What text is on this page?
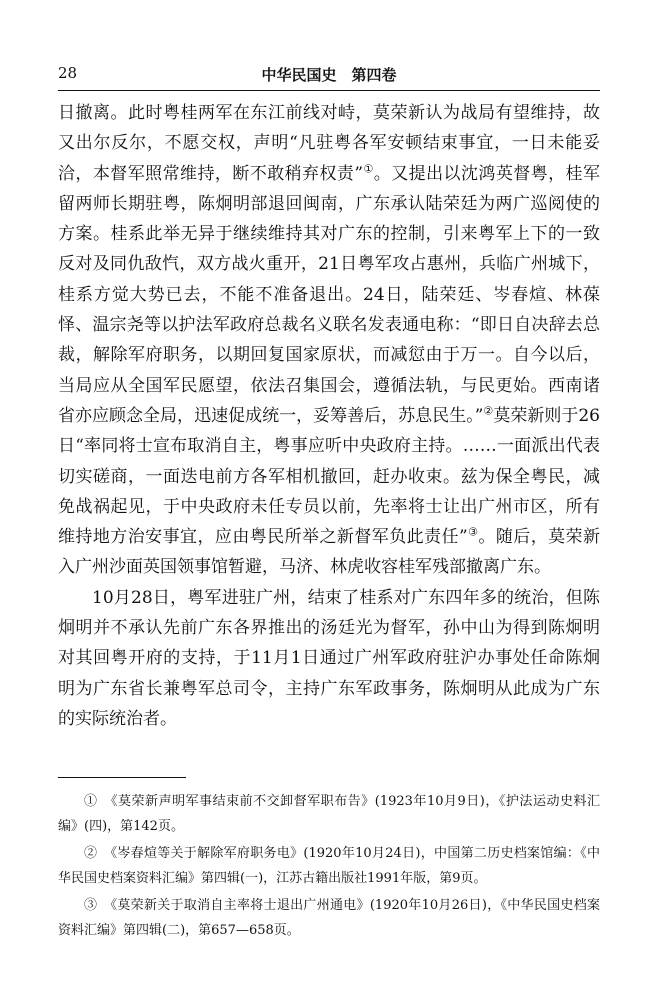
28	中华民国史　第四卷

日撤离。此时粤桂两军在东江前线对峙，莫荣新认为战局有望维持，故又出尔反尔，不愿交权，声明“凡驻粤各军安顿结束事宜，一日未能妥洽，本督军照常维持，断不敢稍弃权责”①。又提出以沈鸿英督粤，桂军留两师长期驻粤，陈炯明部退回闽南，广东承认陆荣廷为两广巡阅使的方案。桂系此举无异于继续维持其对广东的控制，引来粤军上下的一致反对及同仇敌忾，双方战火重开，21日粤军攻占惠州，兵临广州城下，桂系方觉大势已去，不能不准备退出。24日，陆荣廷、岑春煊、林葆怿、温宗尧等以护法军政府总裁名义联名发表通电称：“即日自决辞去总裁，解除军府职务，以期回复国家原状，而减愆由于万一。自今以后，当局应从全国军民愿望，依法召集国会，遵循法轨，与民更始。西南诸省亦应顾念全局，迅速促成统一，妥筹善后，苏息民生。”②莫荣新则于26日“率同将士宣布取消自主，粤事应听中央政府主持。……一面派出代表切实磋商，一面迭电前方各军相机撤回，赶办收束。兹为保全粤民，减免战祸起见，于中央政府未任专员以前，先率将士让出广州市区，所有维持地方治安事宜，应由粤民所举之新督军负此责任”③。随后，莫荣新入广州沙面英国领事馆暂避，马济、林虎收容桂军残部撤离广东。

10月28日，粤军进驻广州，结束了桂系对广东四年多的统治，但陈炯明并不承认先前广东各界推出的汤廷光为督军，孙中山为得到陈炯明对其回粤开府的支持，于11月1日通过广州军政府驻沪办事处任命陈炯明为广东省长兼粤军总司令，主持广东军政事务，陈炯明从此成为广东的实际统治者。

①　《莫荣新声明军事结束前不交卸督军职布告》(1923年10月9日)，《护法运动史料汇编》(四)，第142页。

②　《岑春煊等关于解除军府职务电》(1920年10月24日)，中国第二历史档案馆编：《中华民国史档案资料汇编》第四辑(一)，江苏古籍出版社1991年版，第9页。

③　《莫荣新关于取消自主率将士退出广州通电》(1920年10月26日)，《中华民国史档案资料汇编》第四辑(二)，第657—658页。
